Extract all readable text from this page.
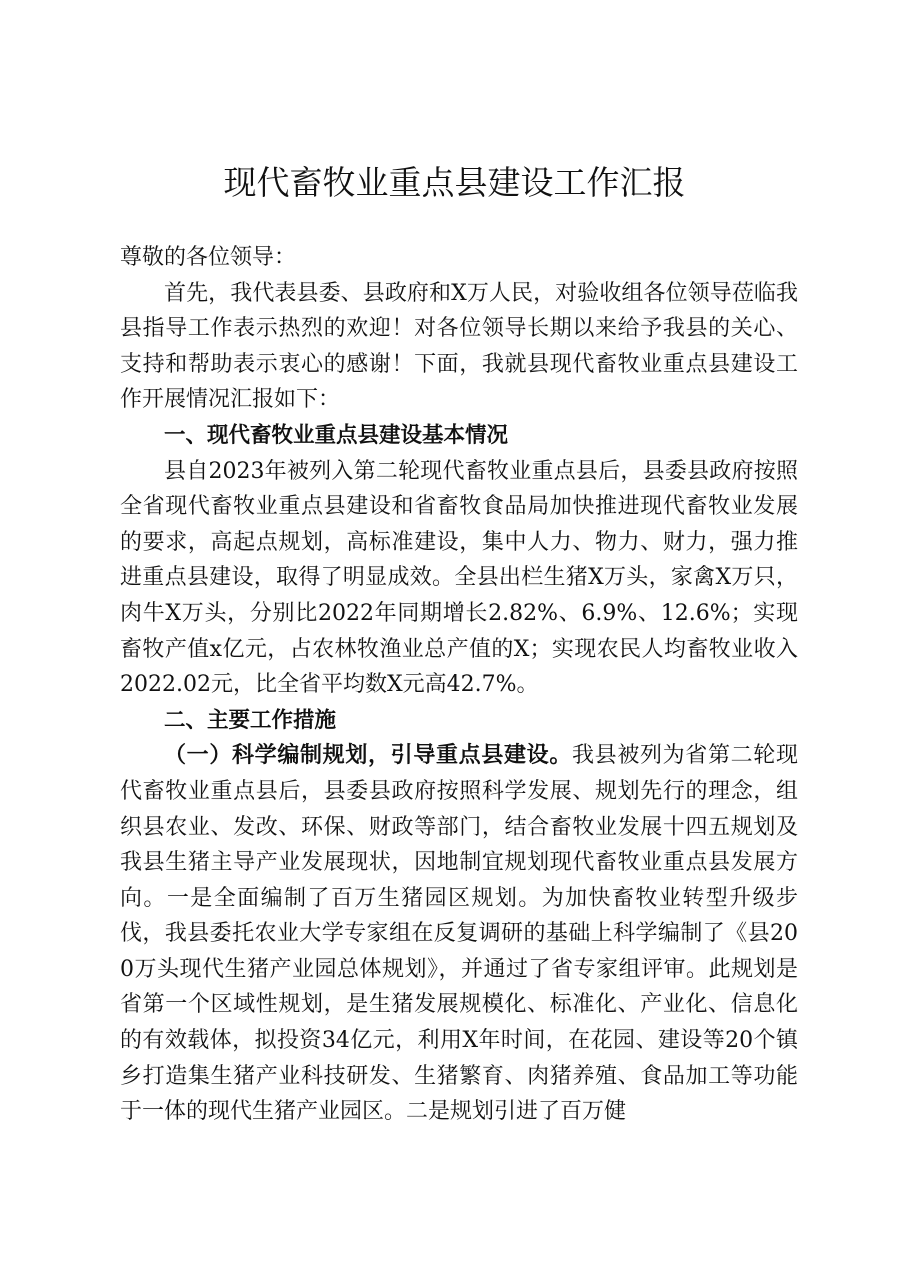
现代畜牧业重点县建设工作汇报

尊敬的各位领导：

首先，我代表县委、县政府和X万人民，对验收组各位领导莅临我县指导工作表示热烈的欢迎！对各位领导长期以来给予我县的关心、支持和帮助表示衷心的感谢！下面，我就县现代畜牧业重点县建设工作开展情况汇报如下：

一、现代畜牧业重点县建设基本情况

县自2023年被列入第二轮现代畜牧业重点县后，县委县政府按照全省现代畜牧业重点县建设和省畜牧食品局加快推进现代畜牧业发展的要求，高起点规划，高标准建设，集中人力、物力、财力，强力推进重点县建设，取得了明显成效。全县出栏生猪X万头，家禽X万只，肉牛X万头，分别比2022年同期增长2.82%、6.9%、12.6%；实现畜牧产值x亿元，占农林牧渔业总产值的X；实现农民人均畜牧业收入2022.02元，比全省平均数X元高42.7%。

二、主要工作措施

（一）科学编制规划，引导重点县建设。我县被列为省第二轮现代畜牧业重点县后，县委县政府按照科学发展、规划先行的理念，组织县农业、发改、环保、财政等部门，结合畜牧业发展十四五规划及我县生猪主导产业发展现状，因地制宜规划现代畜牧业重点县发展方向。一是全面编制了百万生猪园区规划。为加快畜牧业转型升级步伐，我县委托农业大学专家组在反复调研的基础上科学编制了《县200万头现代生猪产业园总体规划》，并通过了省专家组评审。此规划是省第一个区域性规划，是生猪发展规模化、标准化、产业化、信息化的有效载体，拟投资34亿元，利用X年时间，在花园、建设等20个镇乡打造集生猪产业科技研发、生猪繁育、肉猪养殖、食品加工等功能于一体的现代生猪产业园区。二是规划引进了百万健
